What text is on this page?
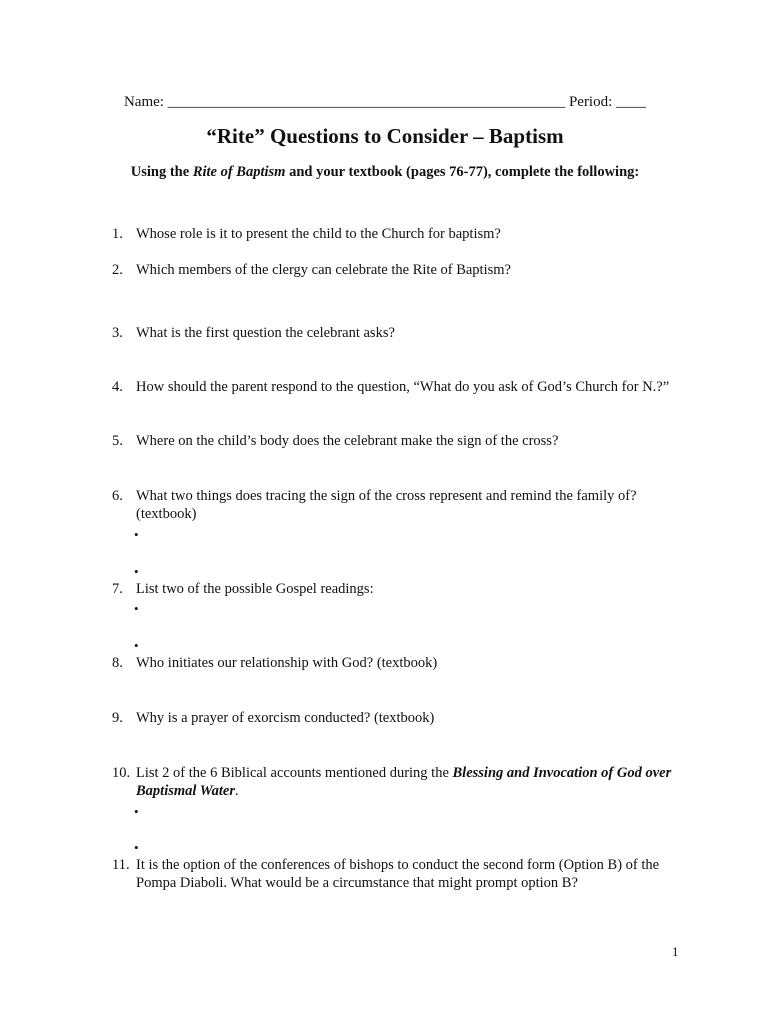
Name: _____________________________________________________ Period: ____
“Rite” Questions to Consider – Baptism
Using the Rite of Baptism and your textbook (pages 76-77), complete the following:
1. Whose role is it to present the child to the Church for baptism?
2. Which members of the clergy can celebrate the Rite of Baptism?
3. What is the first question the celebrant asks?
4. How should the parent respond to the question, “What do you ask of God’s Church for N.?”
5. Where on the child’s body does the celebrant make the sign of the cross?
6. What two things does tracing the sign of the cross represent and remind the family of? (textbook)
•
•
7. List two of the possible Gospel readings:
•
•
8. Who initiates our relationship with God? (textbook)
9. Why is a prayer of exorcism conducted? (textbook)
10. List 2 of the 6 Biblical accounts mentioned during the Blessing and Invocation of God over Baptismal Water.
•
•
11. It is the option of the conferences of bishops to conduct the second form (Option B) of the Pompa Diaboli. What would be a circumstance that might prompt option B?
1
